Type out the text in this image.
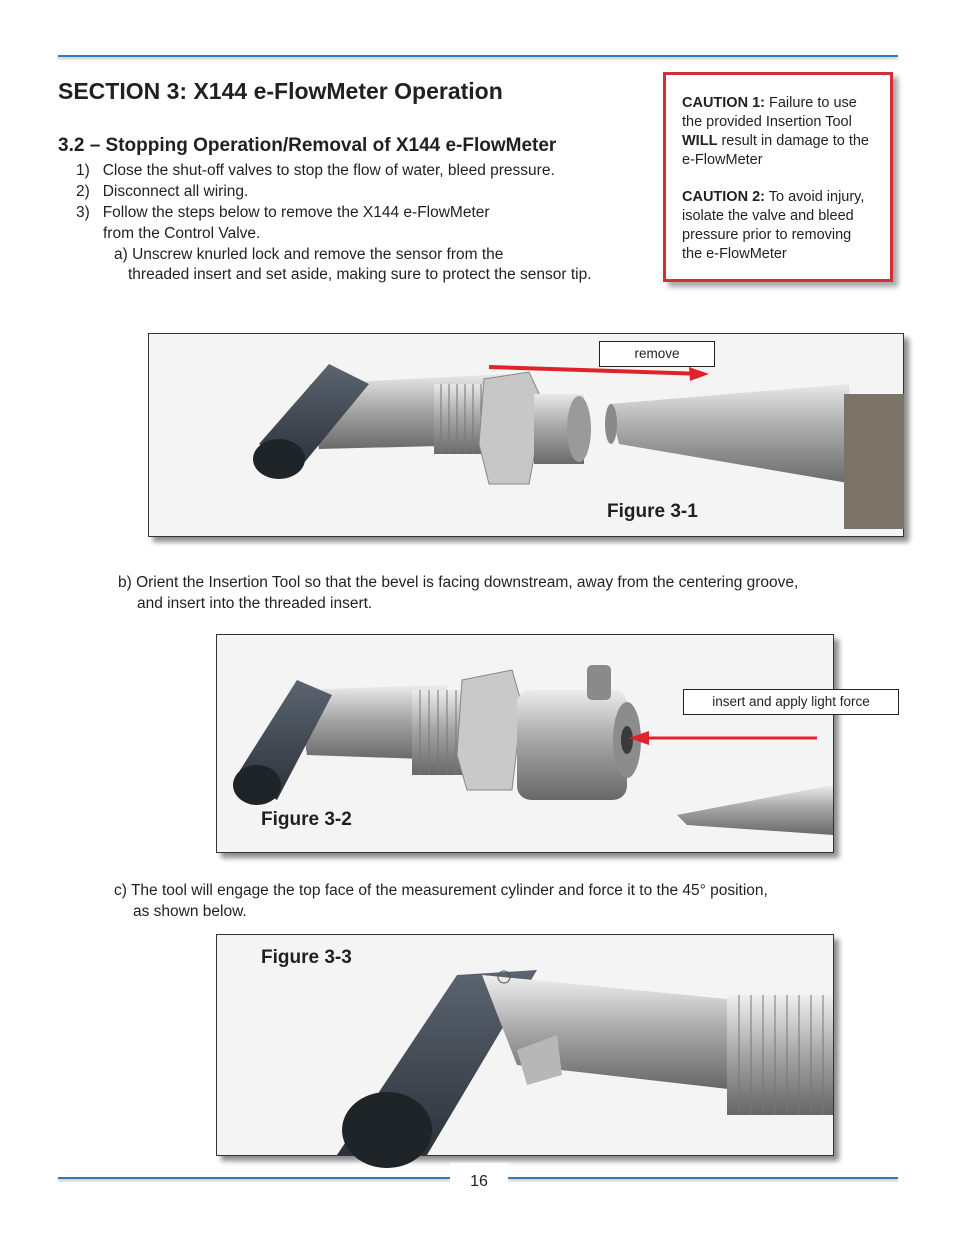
SECTION 3: X144 e-FlowMeter Operation
3.2 – Stopping Operation/Removal of X144 e-FlowMeter
1) Close the shut-off valves to stop the flow of water, bleed pressure.
2) Disconnect all wiring.
3) Follow the steps below to remove the X144 e-FlowMeter
from the Control Valve.
a) Unscrew knurled lock and remove the sensor from the
threaded insert and set aside, making sure to protect the sensor tip.

CAUTION 1: Failure to use the provided Insertion Tool WILL result in damage to the e-FlowMeter

CAUTION 2: To avoid injury, isolate the valve and bleed pressure prior to removing the e-FlowMeter

remove
Figure 3-1
b) Orient the Insertion Tool so that the bevel is facing downstream, away from the centering groove,
and insert into the threaded insert.
insert and apply light force
Figure 3-2
c) The tool will engage the top face of the measurement cylinder and force it to the 45° position,
as shown below.
Figure 3-3
16
